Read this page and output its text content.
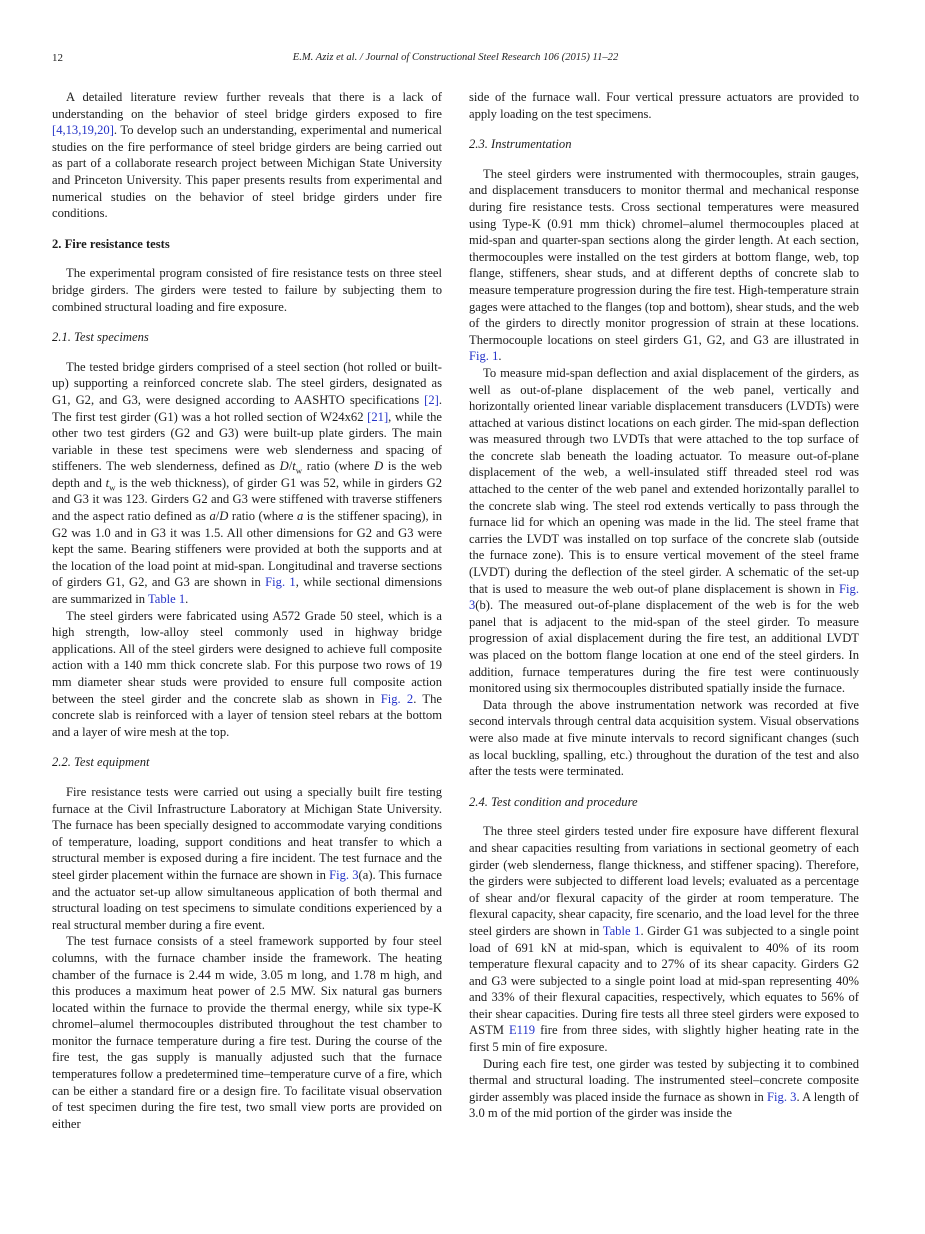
12	E.M. Aziz et al. / Journal of Constructional Steel Research 106 (2015) 11–22

A detailed literature review further reveals that there is a lack of understanding on the behavior of steel bridge girders exposed to fire [4,13,19,20]. To develop such an understanding, experimental and numerical studies on the fire performance of steel bridge girders are being carried out as part of a collaborate research project between Michigan State University and Princeton University. This paper presents results from experimental and numerical studies on the behavior of steel bridge girders under fire conditions.

2. Fire resistance tests

The experimental program consisted of fire resistance tests on three steel bridge girders. The girders were tested to failure by subjecting them to combined structural loading and fire exposure.

2.1. Test specimens

The tested bridge girders comprised of a steel section (hot rolled or built-up) supporting a reinforced concrete slab. The steel girders, designated as G1, G2, and G3, were designed according to AASHTO specifications [2]. The first test girder (G1) was a hot rolled section of W24x62 [21], while the other two test girders (G2 and G3) were built-up plate girders. The main variable in these test specimens were web slenderness and spacing of stiffeners. The web slenderness, defined as $D/t_w$ ratio (where D is the web depth and $t_w$ is the web thickness), of girder G1 was 52, while in girders G2 and G3 it was 123. Girders G2 and G3 were stiffened with traverse stiffeners and the aspect ratio defined as a/D ratio (where a is the stiffener spacing), in G2 was 1.0 and in G3 it was 1.5. All other dimensions for G2 and G3 were kept the same. Bearing stiffeners were provided at both the supports and at the location of the load point at mid-span. Longitudinal and traverse sections of girders G1, G2, and G3 are shown in Fig. 1, while sectional dimensions are summarized in Table 1.

The steel girders were fabricated using A572 Grade 50 steel, which is a high strength, low-alloy steel commonly used in highway bridge applications. All of the steel girders were designed to achieve full composite action with a 140 mm thick concrete slab. For this purpose two rows of 19 mm diameter shear studs were provided to ensure full composite action between the steel girder and the concrete slab as shown in Fig. 2. The concrete slab is reinforced with a layer of tension steel rebars at the bottom and a layer of wire mesh at the top.

2.2. Test equipment

Fire resistance tests were carried out using a specially built fire testing furnace at the Civil Infrastructure Laboratory at Michigan State University. The furnace has been specially designed to accommodate varying conditions of temperature, loading, support conditions and heat transfer to which a structural member is exposed during a fire incident. The test furnace and the steel girder placement within the furnace are shown in Fig. 3(a). This furnace and the actuator set-up allow simultaneous application of both thermal and structural loading on test specimens to simulate conditions experienced by a real structural member during a fire event.

The test furnace consists of a steel framework supported by four steel columns, with the furnace chamber inside the framework. The heating chamber of the furnace is 2.44 m wide, 3.05 m long, and 1.78 m high, and this produces a maximum heat power of 2.5 MW. Six natural gas burners located within the furnace to provide the thermal energy, while six type-K chromel–alumel thermocouples distributed throughout the test chamber to monitor the furnace temperature during a fire test. During the course of the fire test, the gas supply is manually adjusted such that the furnace temperatures follow a predetermined time–temperature curve of a fire, which can be either a standard fire or a design fire. To facilitate visual observation of test specimen during the fire test, two small view ports are provided on either

side of the furnace wall. Four vertical pressure actuators are provided to apply loading on the test specimens.

2.3. Instrumentation

The steel girders were instrumented with thermocouples, strain gauges, and displacement transducers to monitor thermal and mechanical response during fire resistance tests. Cross sectional temperatures were measured using Type-K (0.91 mm thick) chromel–alumel thermocouples placed at mid-span and quarter-span sections along the girder length. At each section, thermocouples were installed on the test girders at bottom flange, web, top flange, stiffeners, shear studs, and at different depths of concrete slab to measure temperature progression during the fire test. High-temperature strain gages were attached to the flanges (top and bottom), shear studs, and the web of the girders to directly monitor progression of strain at these locations. Thermocouple locations on steel girders G1, G2, and G3 are illustrated in Fig. 1.

To measure mid-span deflection and axial displacement of the girders, as well as out-of-plane displacement of the web panel, vertically and horizontally oriented linear variable displacement transducers (LVDTs) were attached at various distinct locations on each girder. The mid-span deflection was measured through two LVDTs that were attached to the top surface of the concrete slab beneath the loading actuator. To measure out-of-plane displacement of the web, a well-insulated stiff threaded steel rod was attached to the center of the web panel and extended horizontally parallel to the concrete slab wing. The steel rod extends vertically to pass through the furnace lid for which an opening was made in the lid. The steel frame that carries the LVDT was installed on top surface of the concrete slab (outside the furnace zone). This is to ensure vertical movement of the steel frame (LVDT) during the deflection of the steel girder. A schematic of the set-up that is used to measure the web out-of plane displacement is shown in Fig. 3(b). The measured out-of-plane displacement of the web is for the web panel that is adjacent to the mid-span of the steel girder. To measure progression of axial displacement during the fire test, an additional LVDT was placed on the bottom flange location at one end of the steel girders. In addition, furnace temperatures during the fire test were continuously monitored using six thermocouples distributed spatially inside the furnace.

Data through the above instrumentation network was recorded at five second intervals through central data acquisition system. Visual observations were also made at five minute intervals to record significant changes (such as local buckling, spalling, etc.) throughout the duration of the test and also after the tests were terminated.

2.4. Test condition and procedure

The three steel girders tested under fire exposure have different flexural and shear capacities resulting from variations in sectional geometry of each girder (web slenderness, flange thickness, and stiffener spacing). Therefore, the girders were subjected to different load levels; evaluated as a percentage of shear and/or flexural capacity of the girder at room temperature. The flexural capacity, shear capacity, fire scenario, and the load level for the three steel girders are shown in Table 1. Girder G1 was subjected to a single point load of 691 kN at mid-span, which is equivalent to 40% of its room temperature flexural capacity and to 27% of its shear capacity. Girders G2 and G3 were subjected to a single point load at mid-span representing 40% and 33% of their flexural capacities, respectively, which equates to 56% of their shear capacities. During fire tests all three steel girders were exposed to ASTM E119 fire from three sides, with slightly higher heating rate in the first 5 min of fire exposure.

During each fire test, one girder was tested by subjecting it to combined thermal and structural loading. The instrumented steel–concrete composite girder assembly was placed inside the furnace as shown in Fig. 3. A length of 3.0 m of the mid portion of the girder was inside the
